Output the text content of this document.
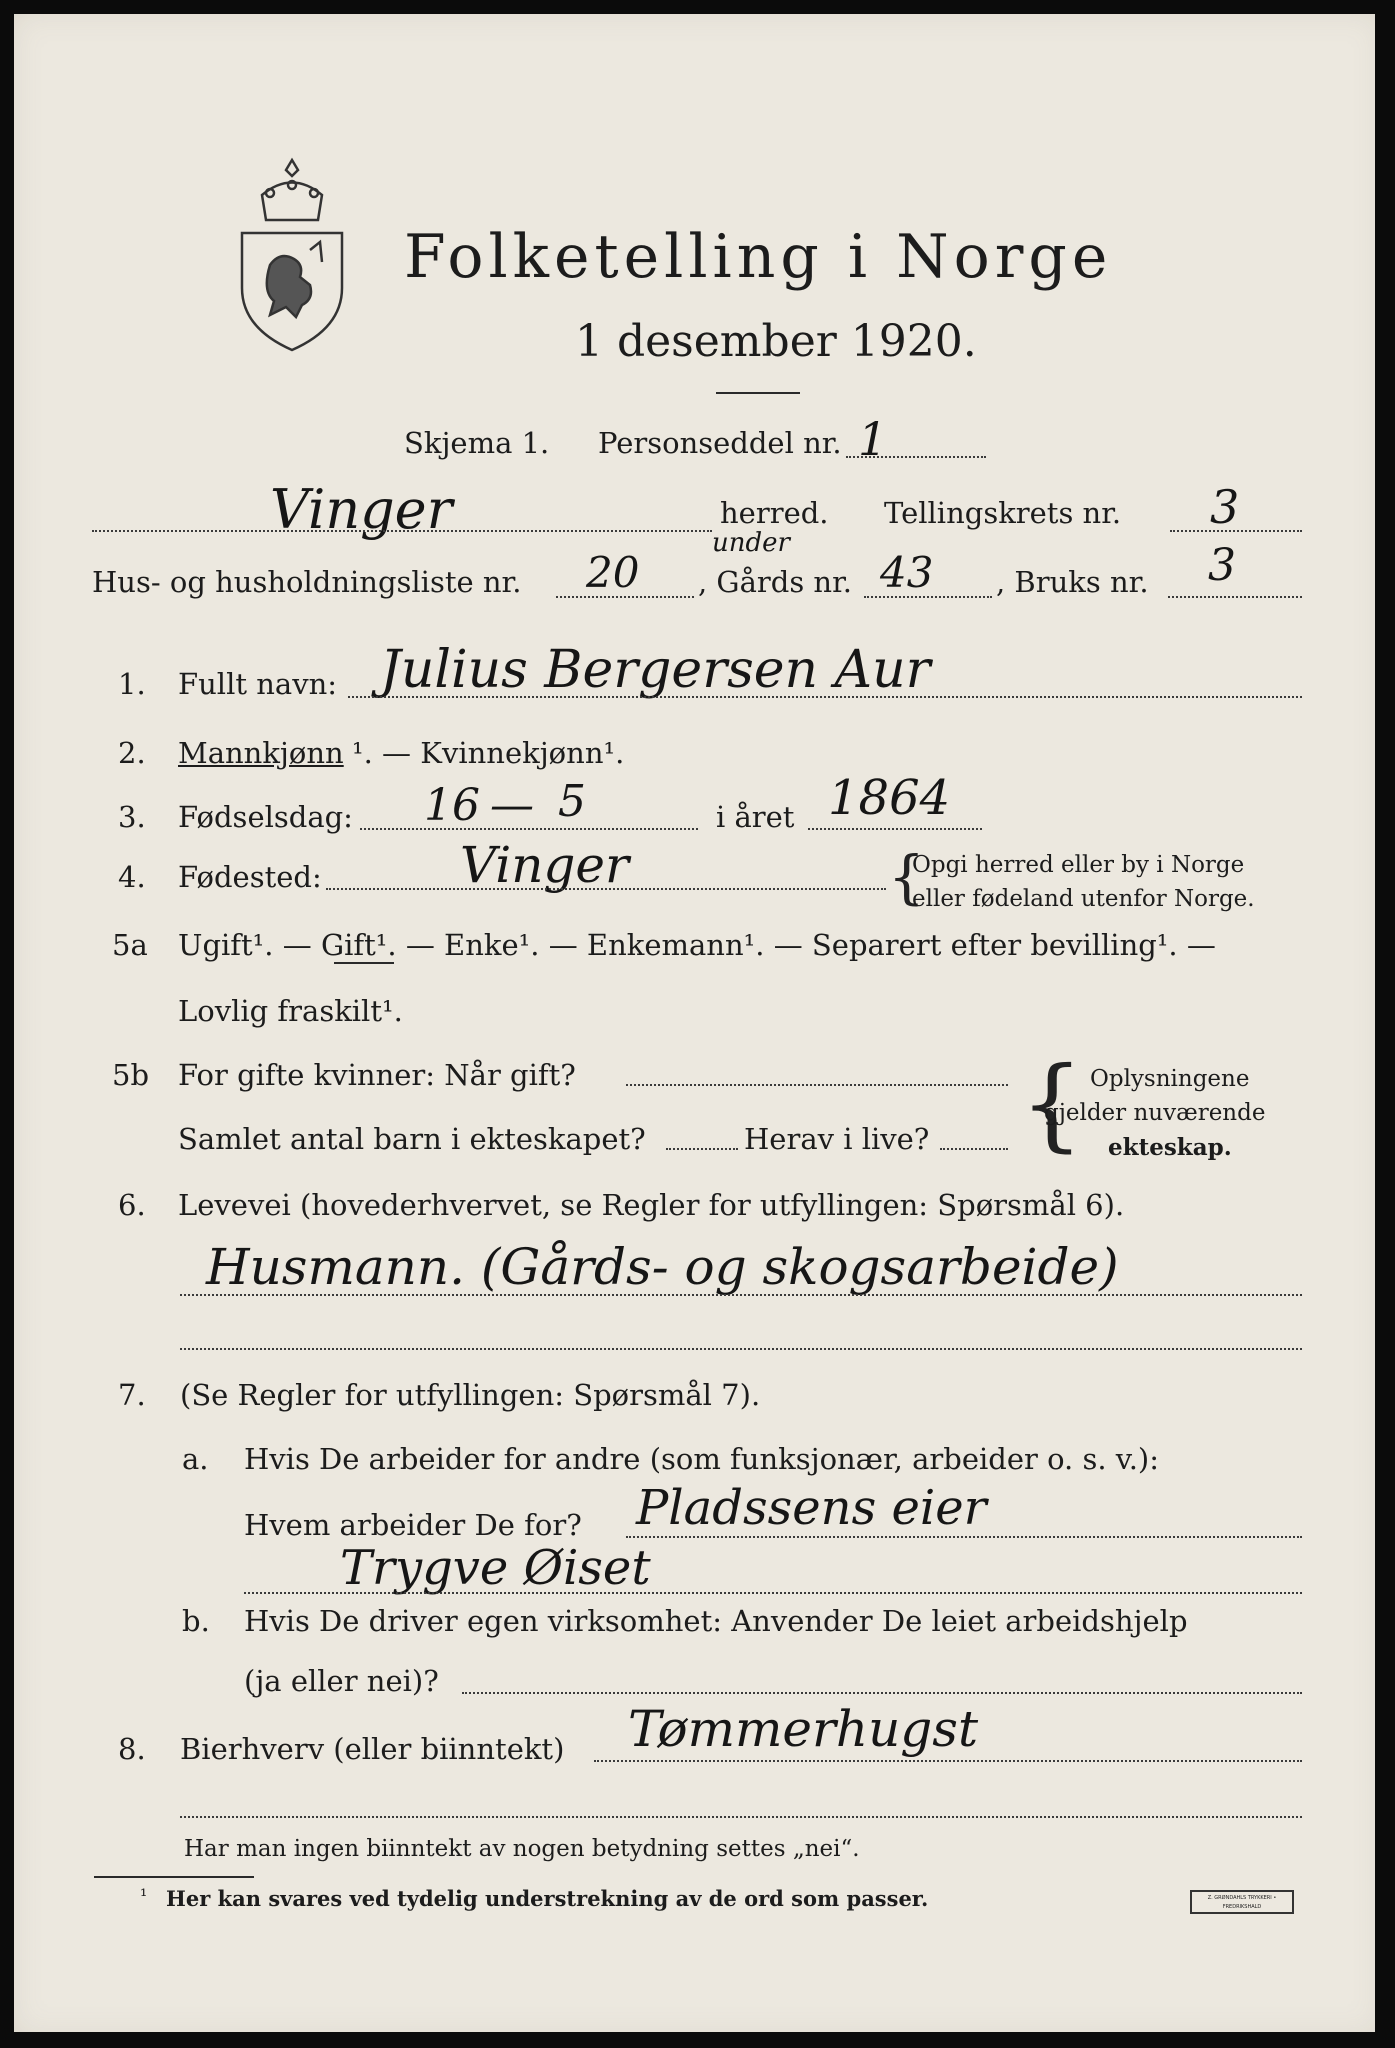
Folketelling i Norge
1 desember 1920.
Skjema 1. Personseddel nr. 1
Vinger	herred. Tellingskrets nr. 3
Hus- og husholdningsliste nr. 20 , Gårds nr.
under
43 , Bruks nr. 3
1. Fullt navn: Julius Bergersen Aur
2. Mannkjønn ¹. — Kvinnekjønn¹.
3. Fødselsdag: 16 — 5	i året 1864
4. Fødested:	Vinger	{
Opgi herred eller by i Norge
eller fødeland utenfor Norge.
5a Ugift¹. — Gift¹. — Enke¹. — Enkemann¹. — Separert efter bevilling¹. —
Lovlig fraskilt¹.
5b For gifte kvinner: Når gift?
Samlet antal barn i ekteskapet?	Herav i live? { Oplysningene
gjelder nuværende
ekteskap.
6. Levevei (hovederhvervet, se Regler for utfyllingen: Spørsmål 6).
Husmann. (Gårds- og skogsarbeide)
7. (Se Regler for utfyllingen: Spørsmål 7).
a. Hvis De arbeider for andre (som funksjonær, arbeider o. s. v.):
Hvem arbeider De for? Pladssens eier
Trygve Øiset
b. Hvis De driver egen virksomhet: Anvender De leiet arbeidshjelp
(ja eller nei)?
8. Bierhverv (eller biinntekt) Tømmerhugst
Har man ingen biinntekt av nogen betydning settes „nei“.
¹ Her kan svares ved tydelig understrekning av de ord som passer.	Z. GRØNDAHLS TRYKKERI • FREDRIKSHALD
